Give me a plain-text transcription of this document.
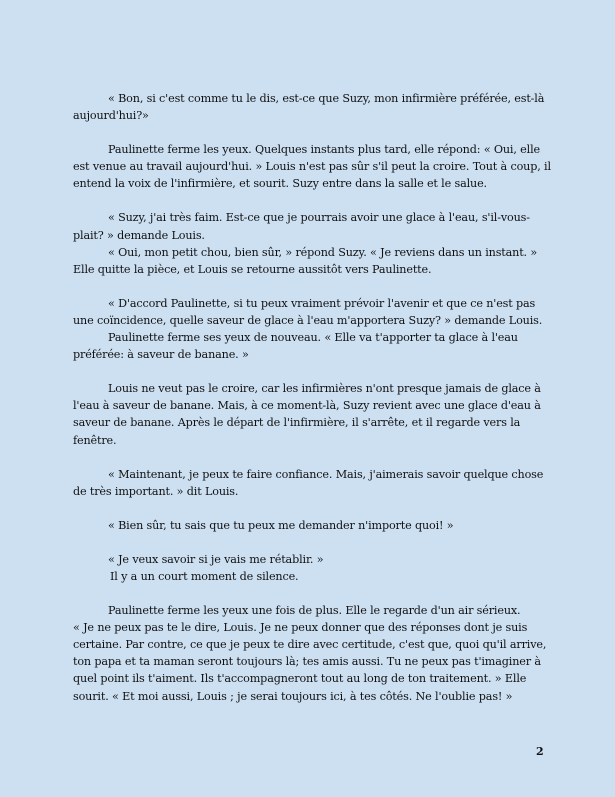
« Bon, si c'est comme tu le dis, est-ce que Suzy, mon infirmière préférée, est-là aujourd'hui?»

Paulinette ferme les yeux. Quelques instants plus tard, elle répond: « Oui, elle est venue au travail aujourd'hui. » Louis n'est pas sûr s'il peut la croire. Tout à coup, il entend la voix de l'infirmière, et sourit. Suzy entre dans la salle et le salue.

« Suzy, j'ai très faim. Est-ce que je pourrais avoir une glace à l'eau, s'il-vous-plait? » demande Louis.

« Oui, mon petit chou, bien sûr, » répond Suzy. « Je reviens dans un instant. » Elle quitte la pièce, et Louis se retourne aussitôt vers Paulinette.

« D'accord Paulinette, si tu peux vraiment prévoir l'avenir et que ce n'est pas une coïncidence, quelle saveur de glace à l'eau m'apportera Suzy? » demande Louis.

Paulinette ferme ses yeux de nouveau. « Elle va t'apporter ta glace à l'eau préférée: à saveur de banane. »

Louis ne veut pas le croire, car les infirmières n'ont presque jamais de glace à l'eau à saveur de banane. Mais, à ce moment-là, Suzy revient avec une glace d'eau à saveur de banane. Après le départ de l'infirmière, il s'arrête, et il regarde vers la fenêtre.

« Maintenant, je peux te faire confiance. Mais, j'aimerais savoir quelque chose de très important. » dit Louis.

« Bien sûr, tu sais que tu peux me demander n'importe quoi! »

« Je veux savoir si je vais me rétablir. »

Il y a un court moment de silence.

Paulinette ferme les yeux une fois de plus. Elle le regarde d'un air sérieux.

« Je ne peux pas te le dire, Louis. Je ne peux donner que des réponses dont je suis certaine. Par contre, ce que je peux te dire avec certitude, c'est que, quoi qu'il arrive, ton papa et ta maman seront toujours là; tes amis aussi. Tu ne peux pas t'imaginer à quel point ils t'aiment. Ils t'accompagneront tout au long de ton traitement. » Elle sourit. « Et moi aussi, Louis ; je serai toujours ici, à tes côtés. Ne l'oublie pas! »

2
